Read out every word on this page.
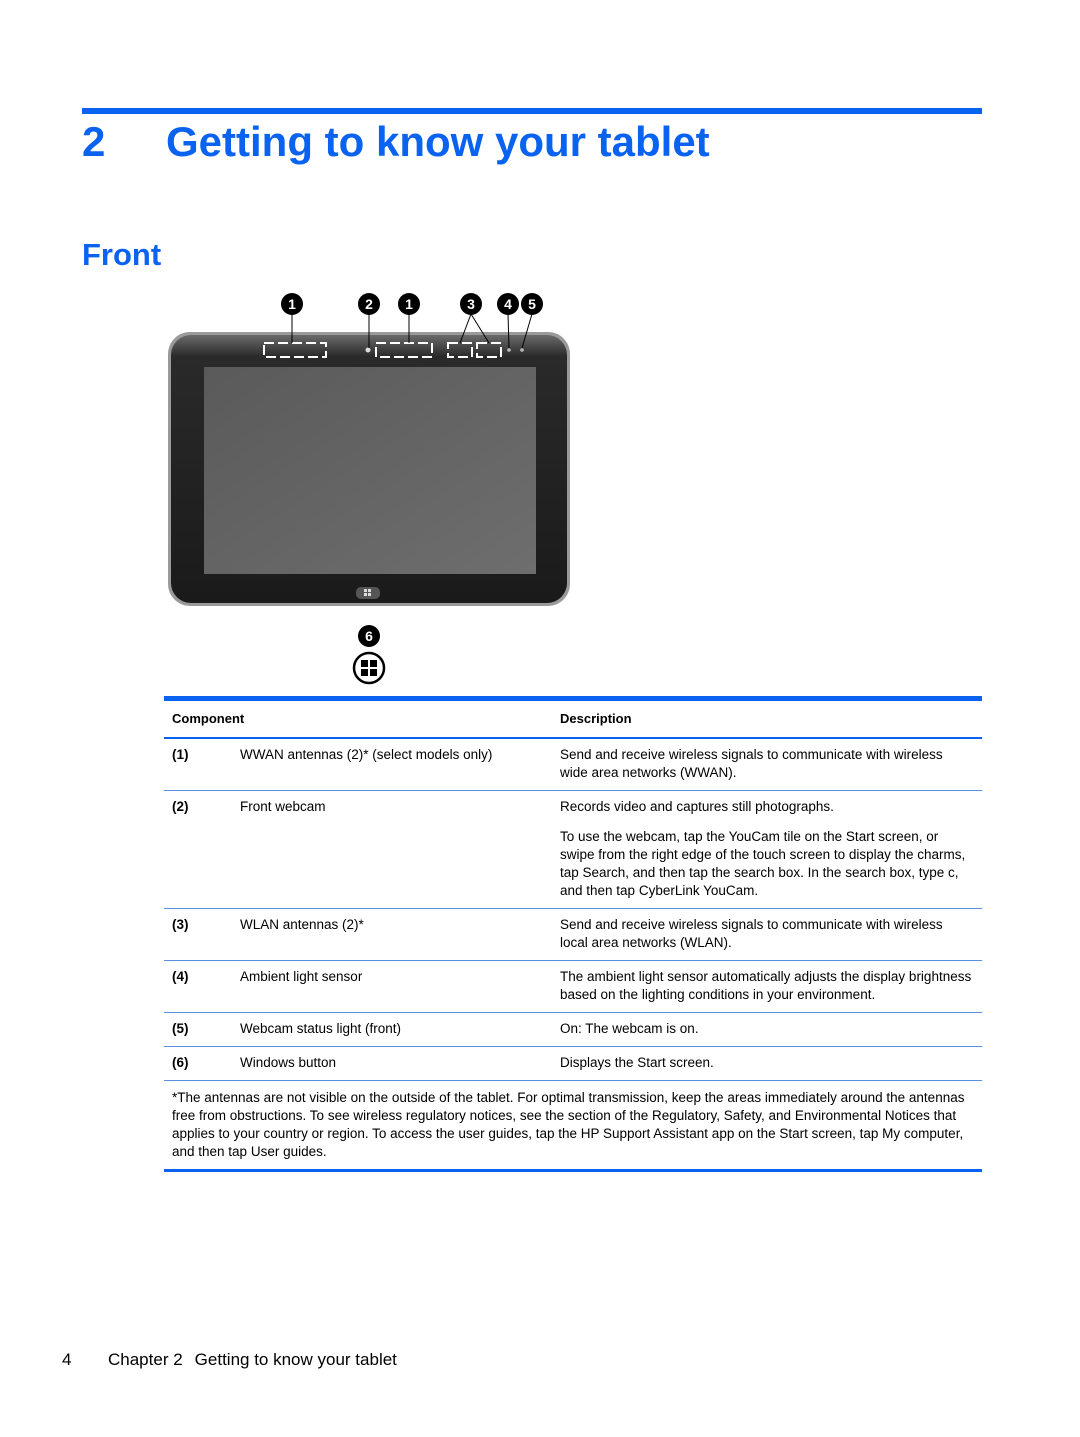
2 Getting to know your tablet
Front
1	2 1	3 4 5
6
Component	Description
(1)	WWAN antennas (2)* (select models only)	Send and receive wireless signals to communicate with wireless wide area networks (WWAN).

(2)	Front webcam	Records video and captures still photographs.

To use the webcam, tap the YouCam tile on the Start screen, or swipe from the right edge of the touch screen to display the charms, tap Search, and then tap the search box. In the search box, type c, and then tap CyberLink YouCam.

(3)	WLAN antennas (2)*	Send and receive wireless signals to communicate with wireless local area networks (WLAN).

(4)	Ambient light sensor	The ambient light sensor automatically adjusts the display brightness based on the lighting conditions in your environment.

(5)	Webcam status light (front)	On: The webcam is on.

(6)	Windows button	Displays the Start screen.

*The antennas are not visible on the outside of the tablet. For optimal transmission, keep the areas immediately around the antennas free from obstructions. To see wireless regulatory notices, see the section of the Regulatory, Safety, and Environmental Notices that applies to your country or region. To access the user guides, tap the HP Support Assistant app on the Start screen, tap My computer, and then tap User guides.
4 Chapter 2 Getting to know your tablet
